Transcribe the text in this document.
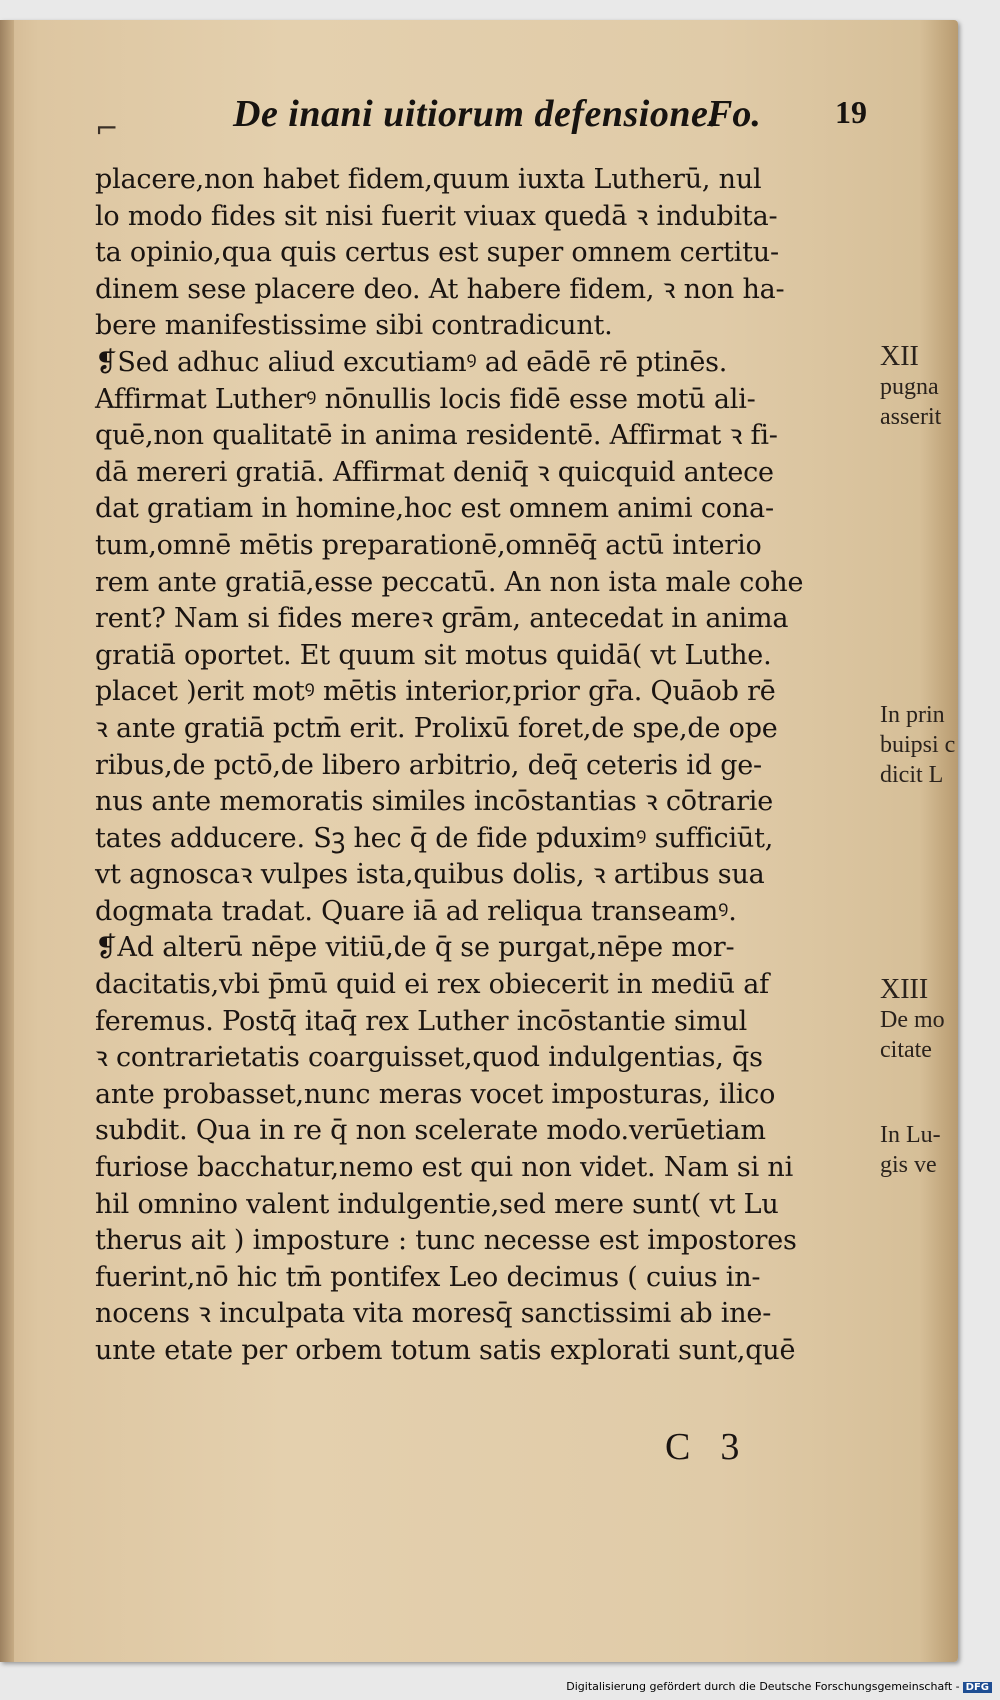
⌐	De inani uitiorum defensione.
Fo. 19
placere,non habet fidem,quum iuxta Lutherū, nul
lo modo fides sit nisi fuerit viuax quedā ꝛ indubita-
ta opinio,qua quis certus est super omnem certitu-
dinem sese placere deo. At habere fidem, ꝛ non ha-
bere manifestissime sibi contradicunt.
❡Sed adhuc aliud excutiamꝰ ad eādē rē ptinēs.
Affirmat Lutherꝰ nōnullis locis fidē esse motū ali-
quē,non qualitatē in anima residentē. Affirmat ꝛ fi-
dā mereri gratiā. Affirmat deniq̄ ꝛ quicquid antece
dat gratiam in homine,hoc est omnem animi cona-
tum,omnē mētis preparationē,omnēq̄ actū interio
rem ante gratiā,esse peccatū. An non ista male cohe
rent? Nam si fides mereꝛ grām, antecedat in anima
gratiā oportet. Et quum sit motus quidā( vt Luthe.
placet )erit motꝰ mētis interior,prior gr̄a. Quāob rē
ꝛ ante gratiā pctm̄ erit. Prolixū foret,de spe,de ope
ribus,de pctō,de libero arbitrio, deq̄ ceteris id ge-
nus ante memoratis similes incōstantias ꝛ cōtrarie
tates adducere. Sꝫ hec q̄ de fide pduximꝰ sufficiūt,
vt agnoscaꝛ vulpes ista,quibus dolis, ꝛ artibus sua
dogmata tradat. Quare iā ad reliqua transeamꝰ.
❡Ad alterū nēpe vitiū,de q̄ se purgat,nēpe mor-
dacitatis,vbi p̄mū quid ei rex obiecerit in mediū af
feremus. Postq̄ itaq̄ rex Luther incōstantie simul
ꝛ contrarietatis coarguisset,quod indulgentias, q̄s
ante probasset,nunc meras vocet imposturas, ilico
subdit. Qua in re q̄ non scelerate modo.verūetiam
furiose bacchatur,nemo est qui non videt. Nam si ni
hil omnino valent indulgentie,sed mere sunt( vt Lu
therus ait ) imposture : tunc necesse est impostores
fuerint,nō hic tm̄ pontifex Leo decimus ( cuius in-
nocens ꝛ inculpata vita moresq̄ sanctissimi ab ine-
unte etate per orbem totum satis explorati sunt,quē
XII
pugna
asserit
In prin
buipsi c
dicit L
XIII
De mo
citate
In Lu-
gis ve
C3
Digitalisierung gefördert durch die Deutsche Forschungsgemeinschaft - DFG
